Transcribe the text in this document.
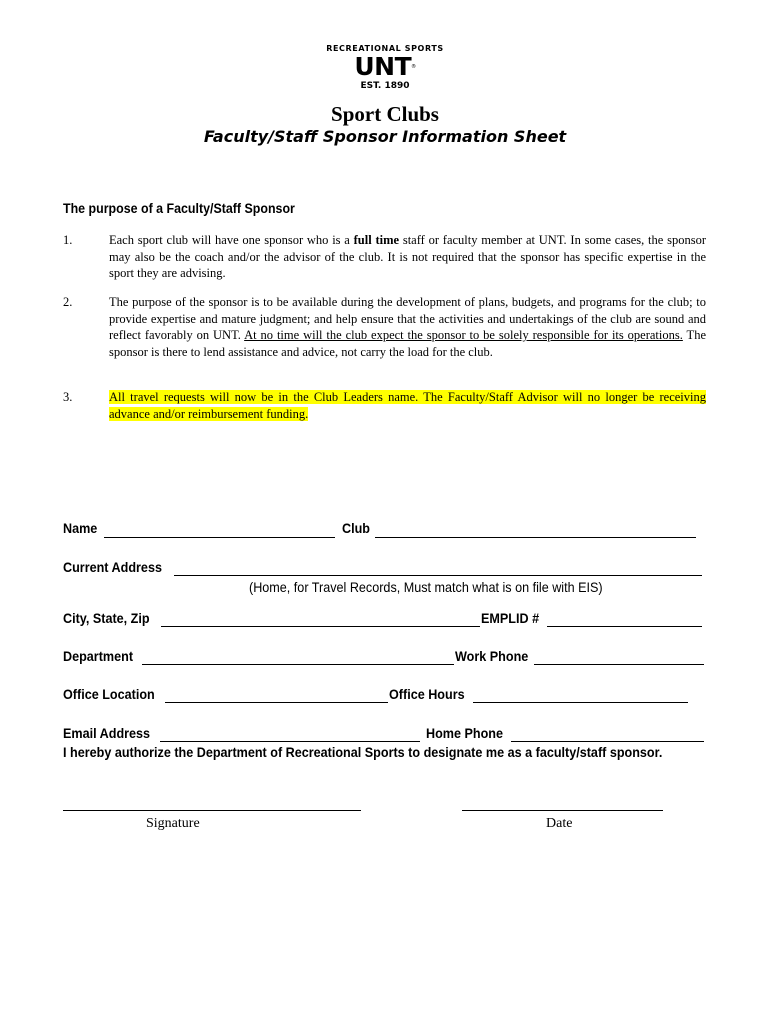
RECREATIONAL SPORTS
UNT®
EST. 1890
Sport Clubs
Faculty/Staff Sponsor Information Sheet
The purpose of a Faculty/Staff Sponsor
1.	Each sport club will have one sponsor who is a full time staff or faculty member at UNT. In some cases, the sponsor may also be the coach and/or the advisor of the club. It is not required that the sponsor has specific expertise in the sport they are advising.
2.	The purpose of the sponsor is to be available during the development of plans, budgets, and programs for the club; to provide expertise and mature judgment; and help ensure that the activities and undertakings of the club are sound and reflect favorably on UNT. At no time will the club expect the sponsor to be solely responsible for its operations. The sponsor is there to lend assistance and advice, not carry the load for the club.
3.	All travel requests will now be in the Club Leaders name. The Faculty/Staff Advisor will no longer be receiving advance and/or reimbursement funding.
Name	Club
Current Address
(Home, for Travel Records, Must match what is on file with EIS)
City, State, Zip	EMPLID #
Department	Work Phone
Office Location	Office Hours
Email Address	Home Phone
I hereby authorize the Department of Recreational Sports to designate me as a faculty/staff sponsor.
Signature	Date
